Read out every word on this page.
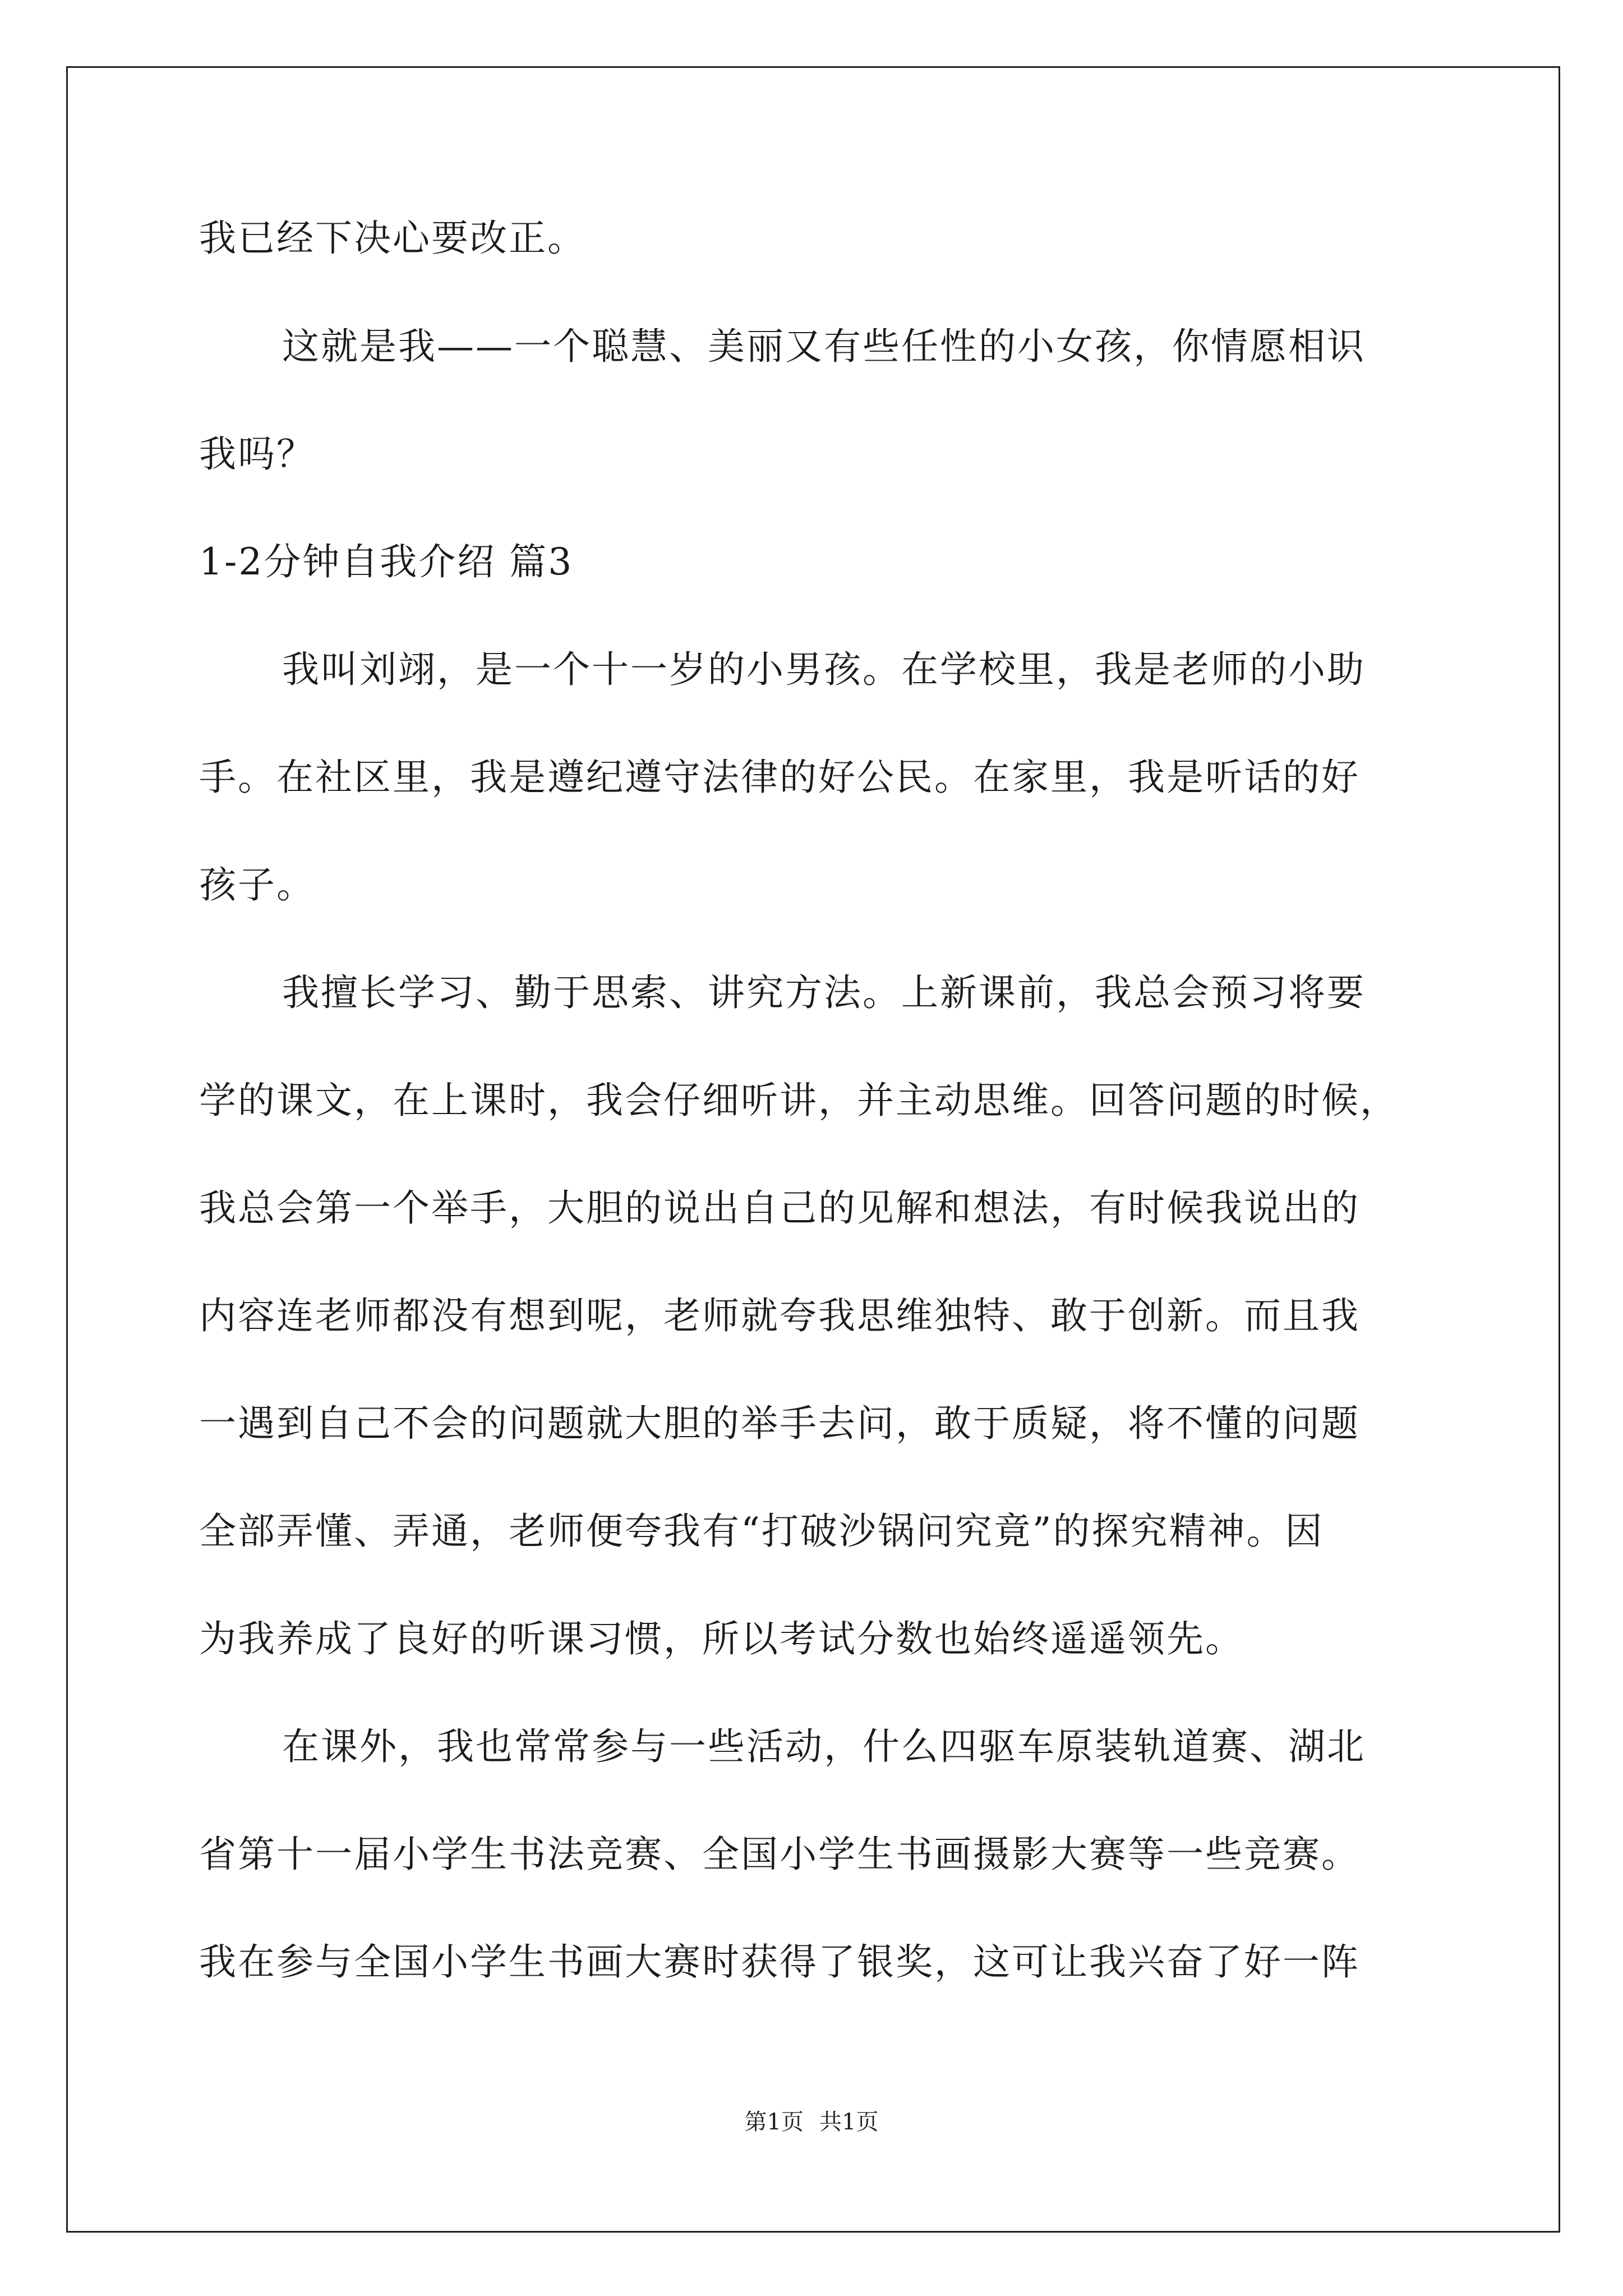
我已经下决心要改正。
这就是我——一个聪慧、美丽又有些任性的小女孩，你情愿相识
我吗？
1-2分钟自我介绍 篇3
我叫刘翊，是一个十一岁的小男孩。在学校里，我是老师的小助
手。在社区里，我是遵纪遵守法律的好公民。在家里，我是听话的好
孩子。
我擅长学习、勤于思索、讲究方法。上新课前，我总会预习将要
学的课文，在上课时，我会仔细听讲，并主动思维。回答问题的时候，
我总会第一个举手，大胆的说出自己的见解和想法，有时候我说出的
内容连老师都没有想到呢，老师就夸我思维独特、敢于创新。而且我
一遇到自己不会的问题就大胆的举手去问，敢于质疑，将不懂的问题
全部弄懂、弄通，老师便夸我有“打破沙锅问究竟”的探究精神。因
为我养成了良好的听课习惯，所以考试分数也始终遥遥领先。
在课外，我也常常参与一些活动，什么四驱车原装轨道赛、湖北
省第十一届小学生书法竞赛、全国小学生书画摄影大赛等一些竞赛。
我在参与全国小学生书画大赛时获得了银奖，这可让我兴奋了好一阵
第1页 共1页
